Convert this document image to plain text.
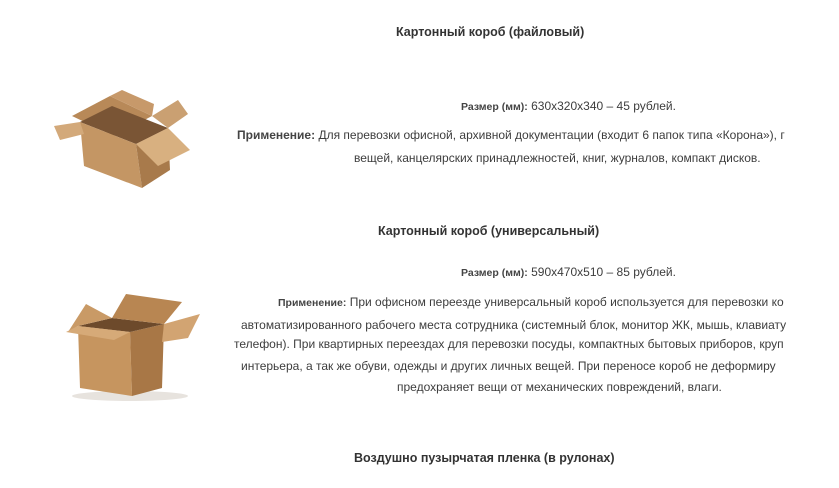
Картонный короб (файловый)
Размер (мм): 630х320х340 – 45 рублей.
Применение: Для перевозки офисной, архивной документации (входит 6 папок типа «Корона»), г
вещей, канцелярских принадлежностей, книг, журналов, компакт дисков.
Картонный короб (универсальный)
Размер (мм): 590х470х510 – 85 рублей.
Применение: При офисном переезде универсальный короб используется для перевозки ко
автоматизированного рабочего места сотрудника (системный блок, монитор ЖК, мышь, клавиату
телефон). При квартирных переездах для перевозки посуды, компактных бытовых приборов, круп
интерьера, а так же обуви, одежды и других личных вещей. При переносе короб не деформиру
предохраняет вещи от механических повреждений, влаги.
Воздушно пузырчатая пленка (в рулонах)
